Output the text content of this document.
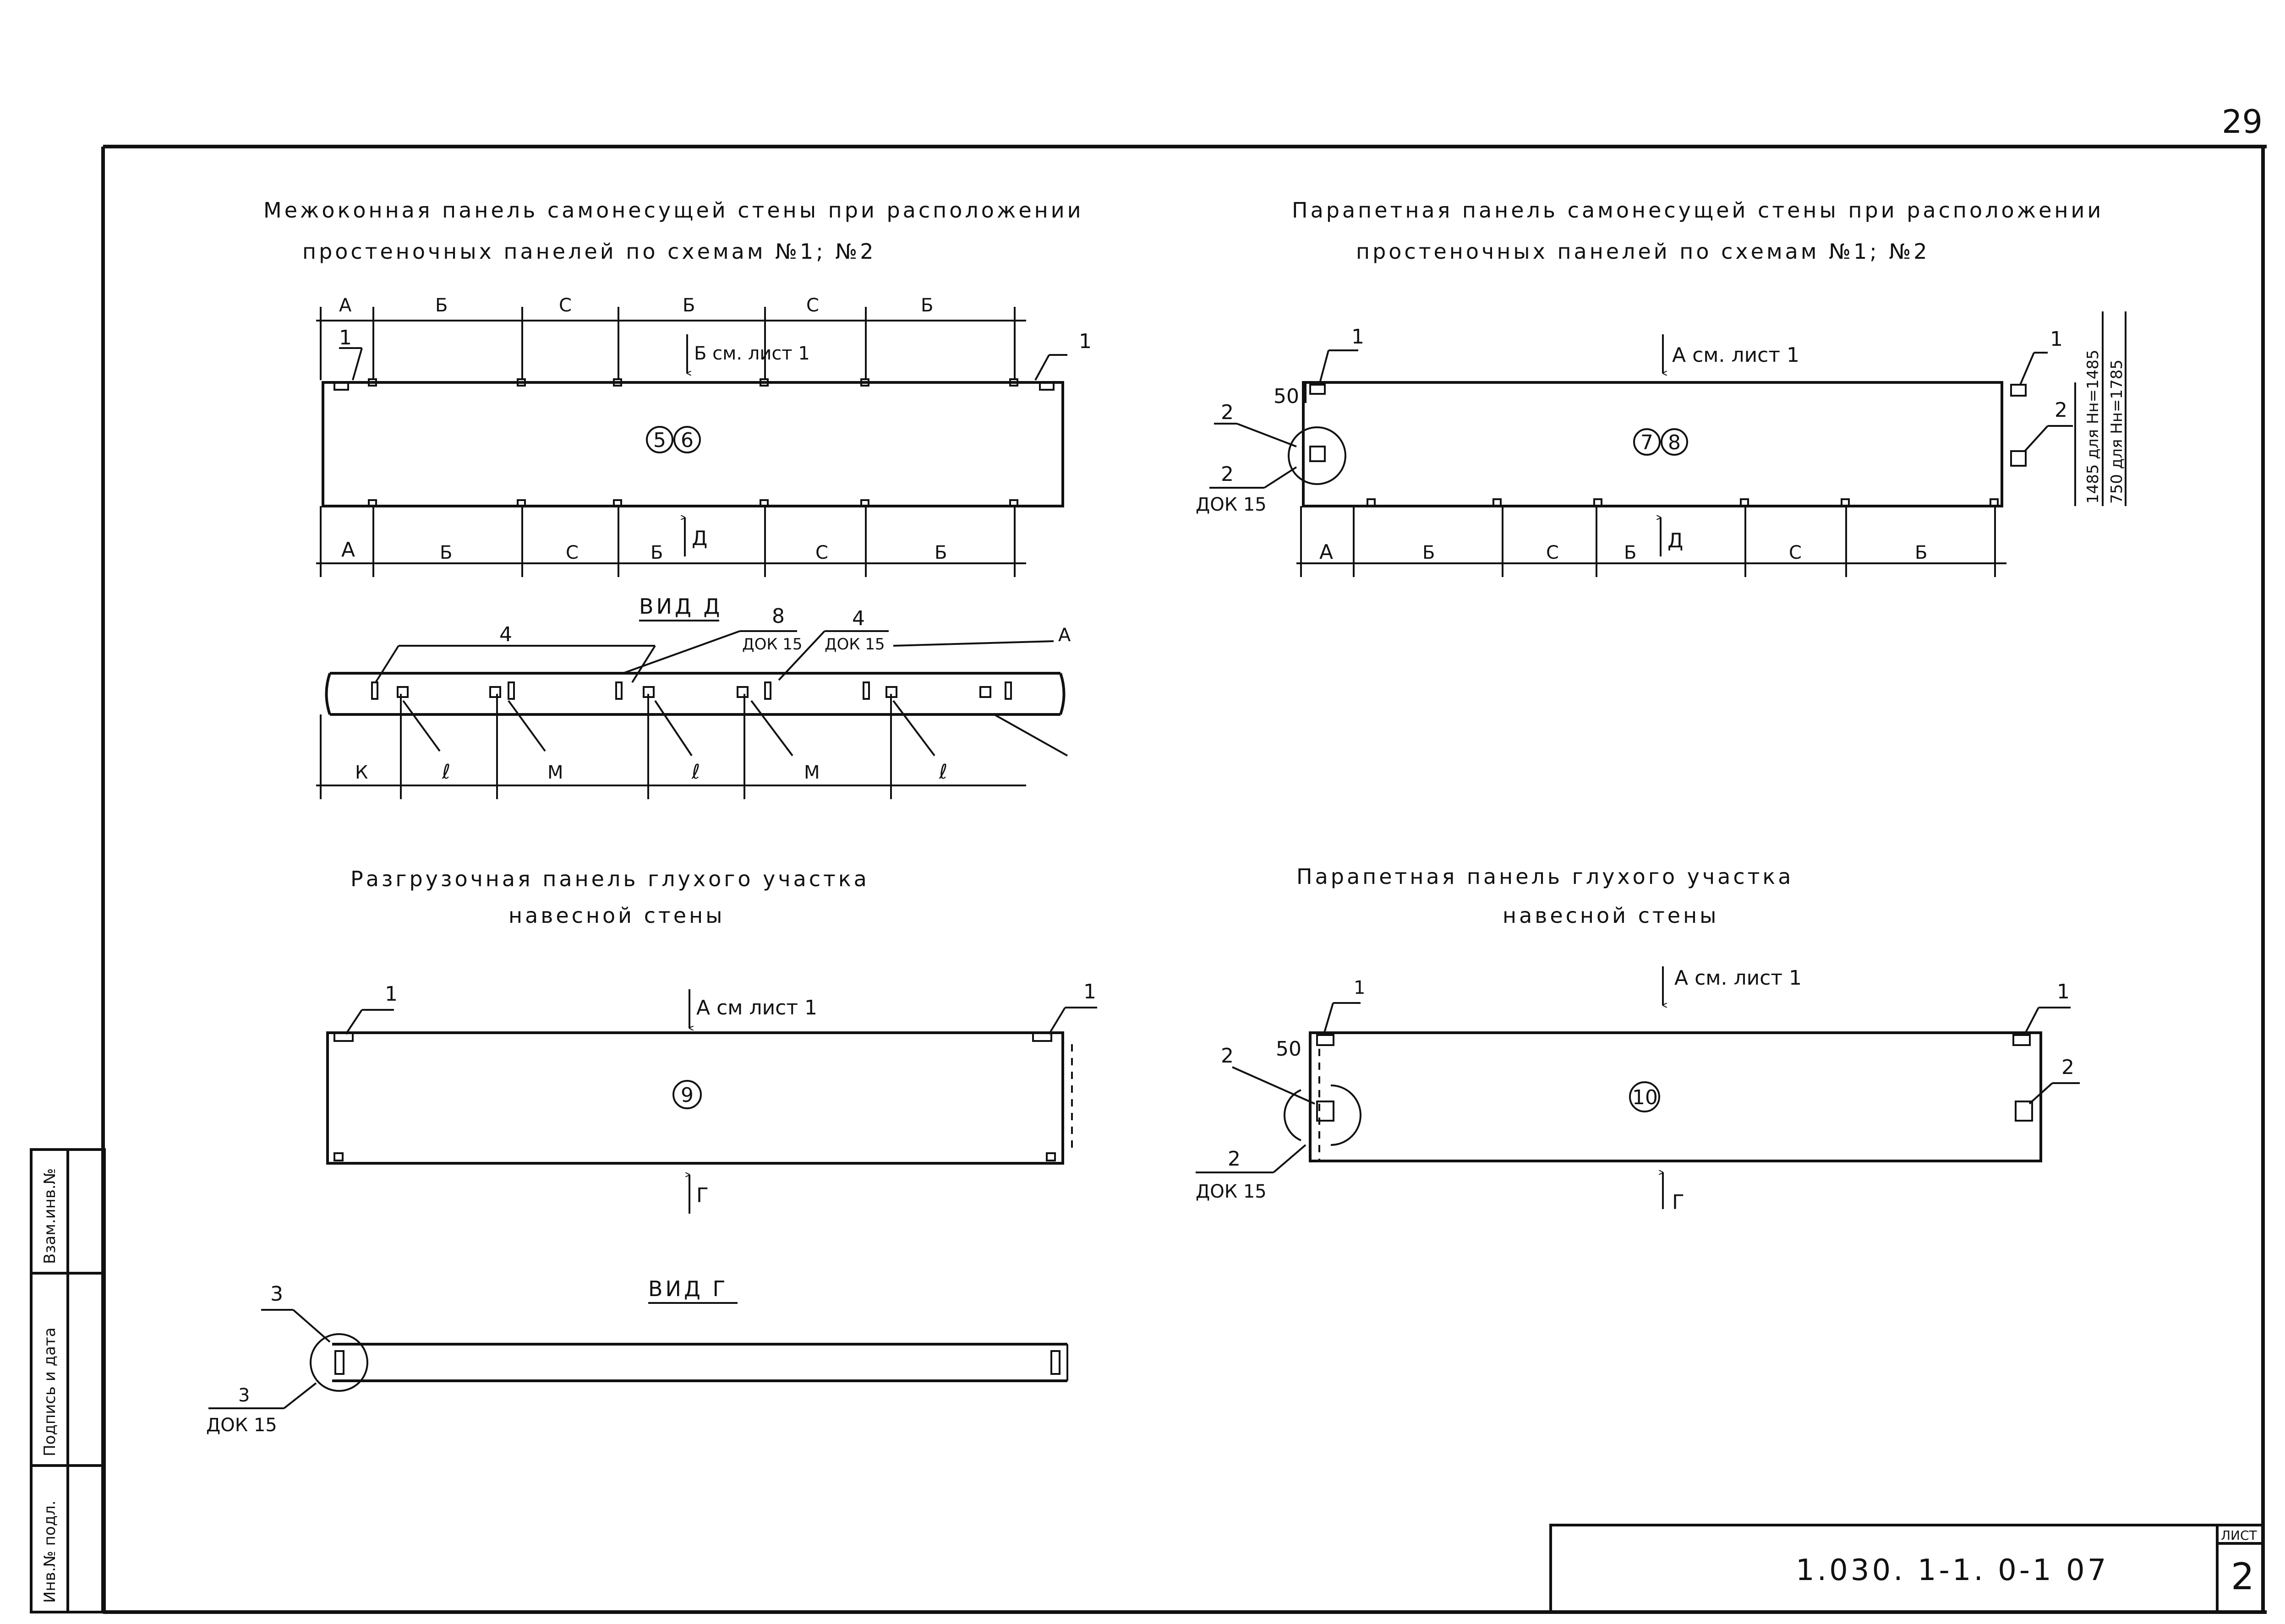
29
Взам.инв.№
Подпись и дата
Инв.№ подл.	1.030. 1-1. 0-1 07
ЛИСТ
2
Межоконная панель самонесущей стены при расположении
простеночных панелей по схемам №1; №2
А	Б	С	Б	С	Б
Б см. лист 1
1	1
5 6
А	Б	С	Б	С	Б
Д
ВИД Д
4
8
ДОК 15
4
ДОК 15	А
К	ℓ	М	ℓ	М	ℓ
Парапетная панель самонесущей стены при расположении
простеночных панелей по схемам №1; №2
А см. лист 1
7 8
50
1
2
2
ДОК 15
1
2 1485 для Нн=1485 750 для Нн=1785
А	Б	С	Б	С	Б
Д
Разгрузочная панель глухого участка
навесной стены
А см лист 1
9
1	1
Г
ВИД Г
3
3
ДОК 15
Парапетная панель глухого участка
навесной стены
А см. лист 1
10
50
1
2
2
ДОК 15
1
2
Г
